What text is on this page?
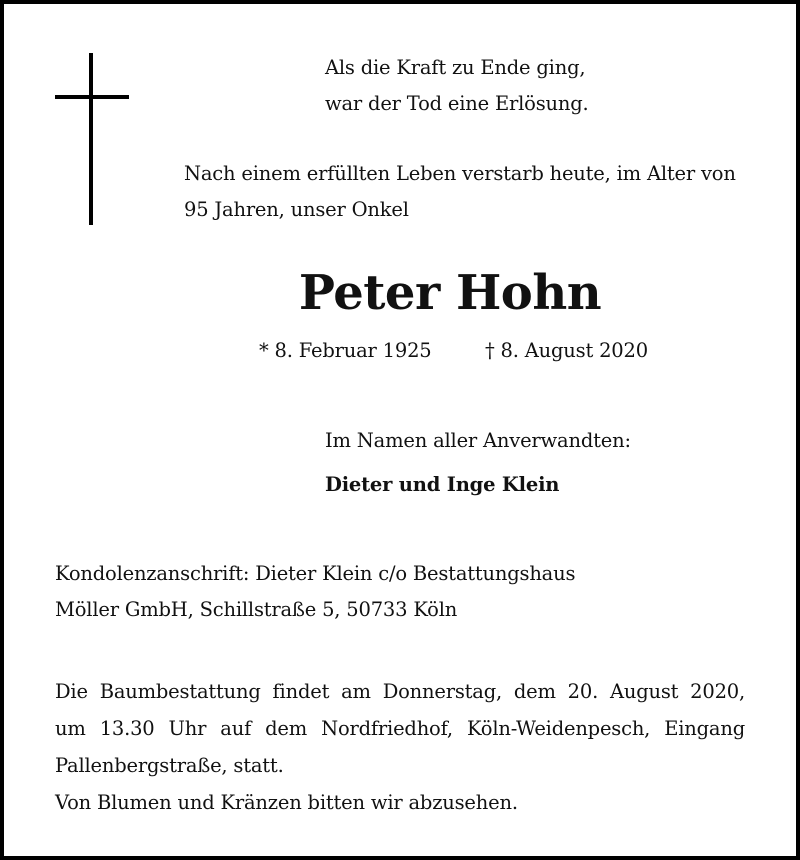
Als die Kraft zu Ende ging,
war der Tod eine Erlösung.
Nach einem erfüllten Leben verstarb heute, im Alter von
95 Jahren, unser Onkel
Peter Hohn
* 8. Februar 1925	† 8. August 2020
Im Namen aller Anverwandten:
Dieter und Inge Klein
Kondolenzanschrift: Dieter Klein c/o Bestattungshaus
Möller GmbH, Schillstraße 5, 50733 Köln
Die Baumbestattung findet am Donnerstag, dem 20. August 2020,
um 13.30 Uhr auf dem Nordfriedhof, Köln-Weidenpesch, Eingang
Pallenbergstraße, statt.
Von Blumen und Kränzen bitten wir abzusehen.
